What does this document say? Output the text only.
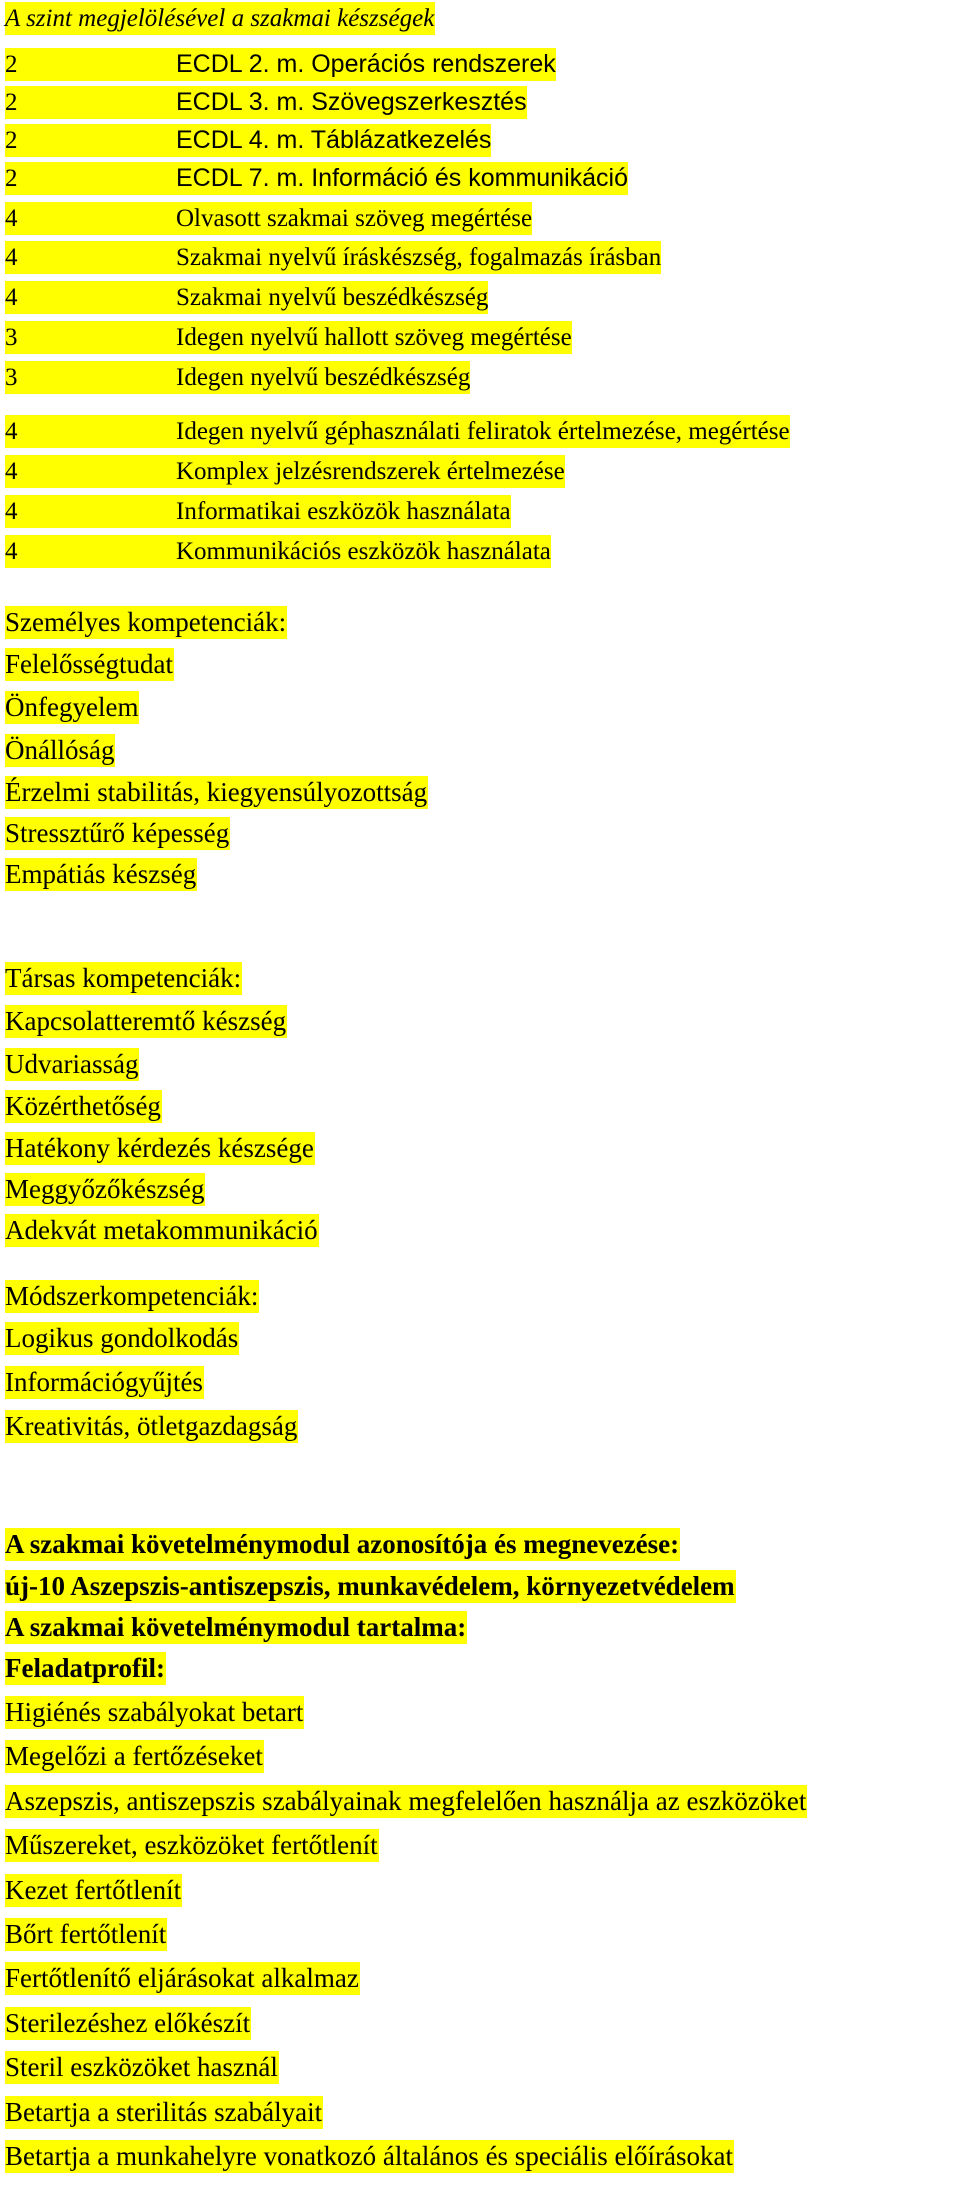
A szint megjelölésével a szakmai készségek
2	ECDL 2. m. Operációs rendszerek
2	ECDL 3. m. Szövegszerkesztés
2	ECDL 4. m. Táblázatkezelés
2	ECDL 7. m. Információ és kommunikáció
4	Olvasott szakmai szöveg megértése
4	Szakmai nyelvű íráskészség, fogalmazás írásban
4	Szakmai nyelvű beszédkészség
3	Idegen nyelvű hallott szöveg megértése
3	Idegen nyelvű beszédkészség
4	Idegen nyelvű géphasználati feliratok értelmezése, megértése
4	Komplex jelzésrendszerek értelmezése
4	Informatikai eszközök használata
4	Kommunikációs eszközök használata
Személyes kompetenciák:
Felelősségtudat
Önfegyelem
Önállóság
Érzelmi stabilitás, kiegyensúlyozottság
Stressztűrő képesség
Empátiás készség
Társas kompetenciák:
Kapcsolatteremtő készség
Udvariasság
Közérthetőség
Hatékony kérdezés készsége
Meggyőzőkészség
Adekvát metakommunikáció
Módszerkompetenciák:
Logikus gondolkodás
Információgyűjtés
Kreativitás, ötletgazdagság
A szakmai követelménymodul azonosítója és megnevezése:
új-10 Aszepszis-antiszepszis, munkavédelem, környezetvédelem
A szakmai követelménymodul tartalma:
Feladatprofil:
Higiénés szabályokat betart
Megelőzi a fertőzéseket
Aszepszis, antiszepszis szabályainak megfelelően használja az eszközöket
Műszereket, eszközöket fertőtlenít
Kezet fertőtlenít
Bőrt fertőtlenít
Fertőtlenítő eljárásokat alkalmaz
Sterilezéshez előkészít
Steril eszközöket használ
Betartja a sterilitás szabályait
Betartja a munkahelyre vonatkozó általános és speciális előírásokat
